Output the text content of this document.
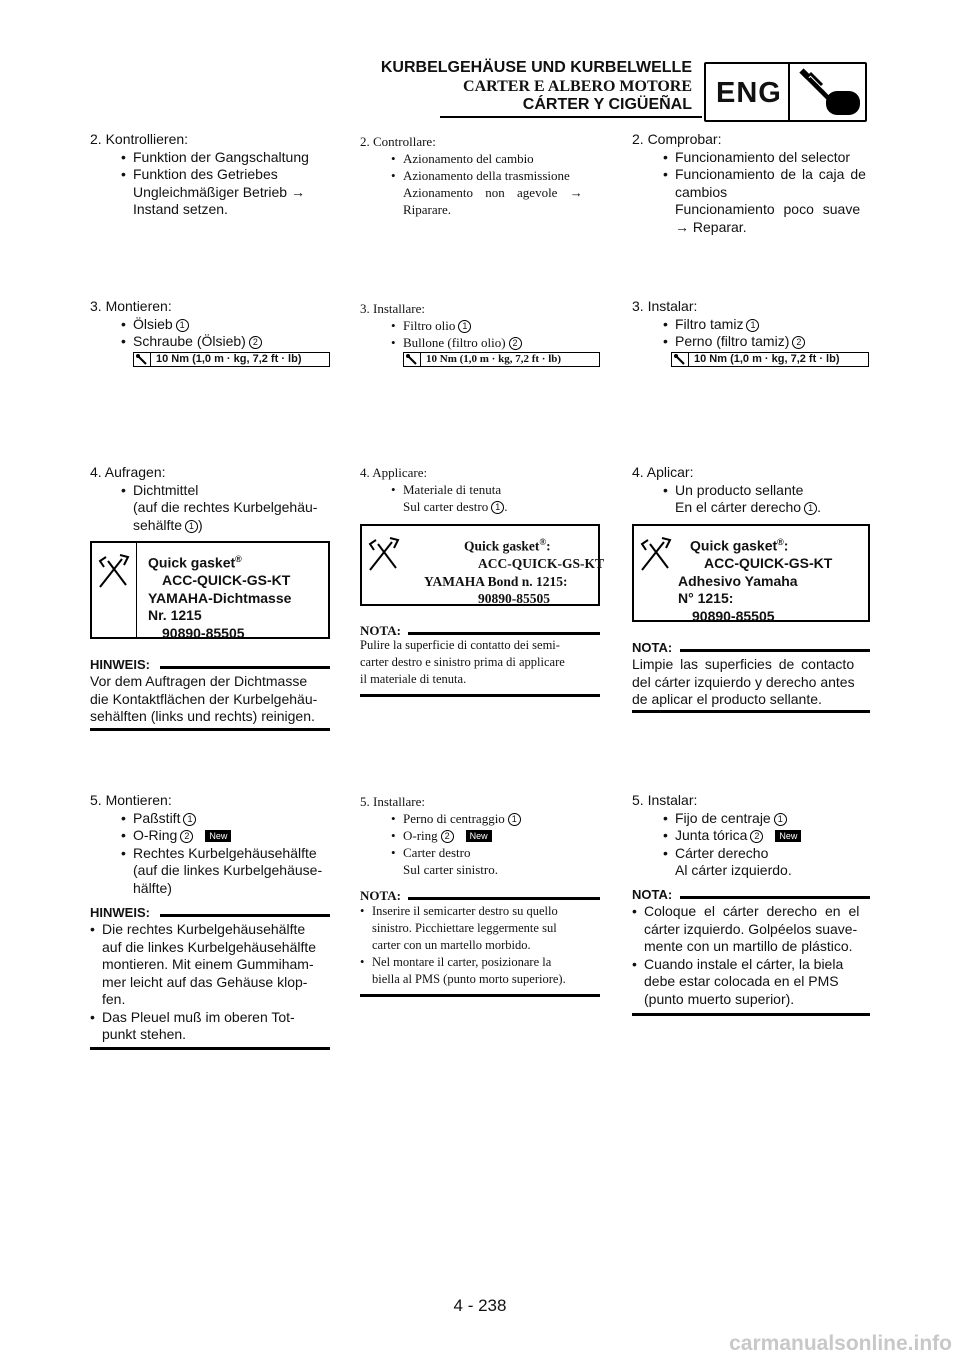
KURBELGEHÄUSE UND KURBELWELLE
CARTER E ALBERO MOTORE
CÁRTER Y CIGÜEÑAL ENG
2. Kontrollieren:
• Funktion der Gangschaltung
• Funktion des Getriebes
Ungleichmäßiger Betrieb →
Instand setzen.
3. Montieren:
• Ölsieb 1
• Schraube (Ölsieb) 2
10 Nm (1,0 m · kg, 7,2 ft · lb)
4. Aufragen:
• Dichtmittel
(auf die rechtes Kurbelgehäu-
sehälfte 1 )
Quick gasket®
ACC-QUICK-GS-KT
YAMAHA-Dichtmasse
Nr. 1215
90890-85505
HINWEIS:
Vor dem Auftragen der Dichtmasse
die Kontaktflächen der Kurbelgehäu-
sehälften (links und rechts) reinigen.
5. Montieren:
• Paßstift 1
• O-Ring 2 New
• Rechtes Kurbelgehäusehälfte
(auf die linkes Kurbelgehäuse-
hälfte)
HINWEIS:
• Die rechtes Kurbelgehäusehälfte
auf die linkes Kurbelgehäusehälfte
montieren. Mit einem Gummiham-
mer leicht auf das Gehäuse klop-
fen.
• Das Pleuel muß im oberen Tot-
punkt stehen.
2. Controllare:
• Azionamento del cambio
• Azionamento della trasmissione
Azionamento non agevole →
Riparare.
3. Installare:
• Filtro olio 1
• Bullone (filtro olio) 2
10 Nm (1,0 m · kg, 7,2 ft · lb)
4. Applicare:
• Materiale di tenuta
Sul carter destro 1 .
Quick gasket®:
ACC-QUICK-GS-KT
YAMAHA Bond n. 1215:
90890-85505
NOTA:
Pulire la superficie di contatto dei semi-
carter destro e sinistro prima di applicare
il materiale di tenuta.
5. Installare:
• Perno di centraggio 1
• O-ring 2 New
• Carter destro
Sul carter sinistro.
NOTA:
• Inserire il semicarter destro su quello
sinistro. Picchiettare leggermente sul
carter con un martello morbido.
• Nel montare il carter, posizionare la
biella al PMS (punto morto superiore).
2. Comprobar:
• Funcionamiento del selector
• Funcionamiento de la caja de
cambios
Funcionamiento poco suave
→ Reparar.
3. Instalar:
• Filtro tamiz 1
• Perno (filtro tamiz) 2
10 Nm (1,0 m · kg, 7,2 ft · lb)
4. Aplicar:
• Un producto sellante
En el cárter derecho 1 .
Quick gasket®:
ACC-QUICK-GS-KT
Adhesivo Yamaha
N° 1215:
90890-85505
NOTA:
Limpie las superficies de contacto
del cárter izquierdo y derecho antes
de aplicar el producto sellante.
5. Instalar:
• Fijo de centraje 1
• Junta tórica 2 New
• Cárter derecho
Al cárter izquierdo.
NOTA:
• Coloque el cárter derecho en el
cárter izquierdo. Golpéelos suave-
mente con un martillo de plástico.
• Cuando instale el cárter, la biela
debe estar colocada en el PMS
(punto muerto superior).
4 - 238
carmanualsonline.info
